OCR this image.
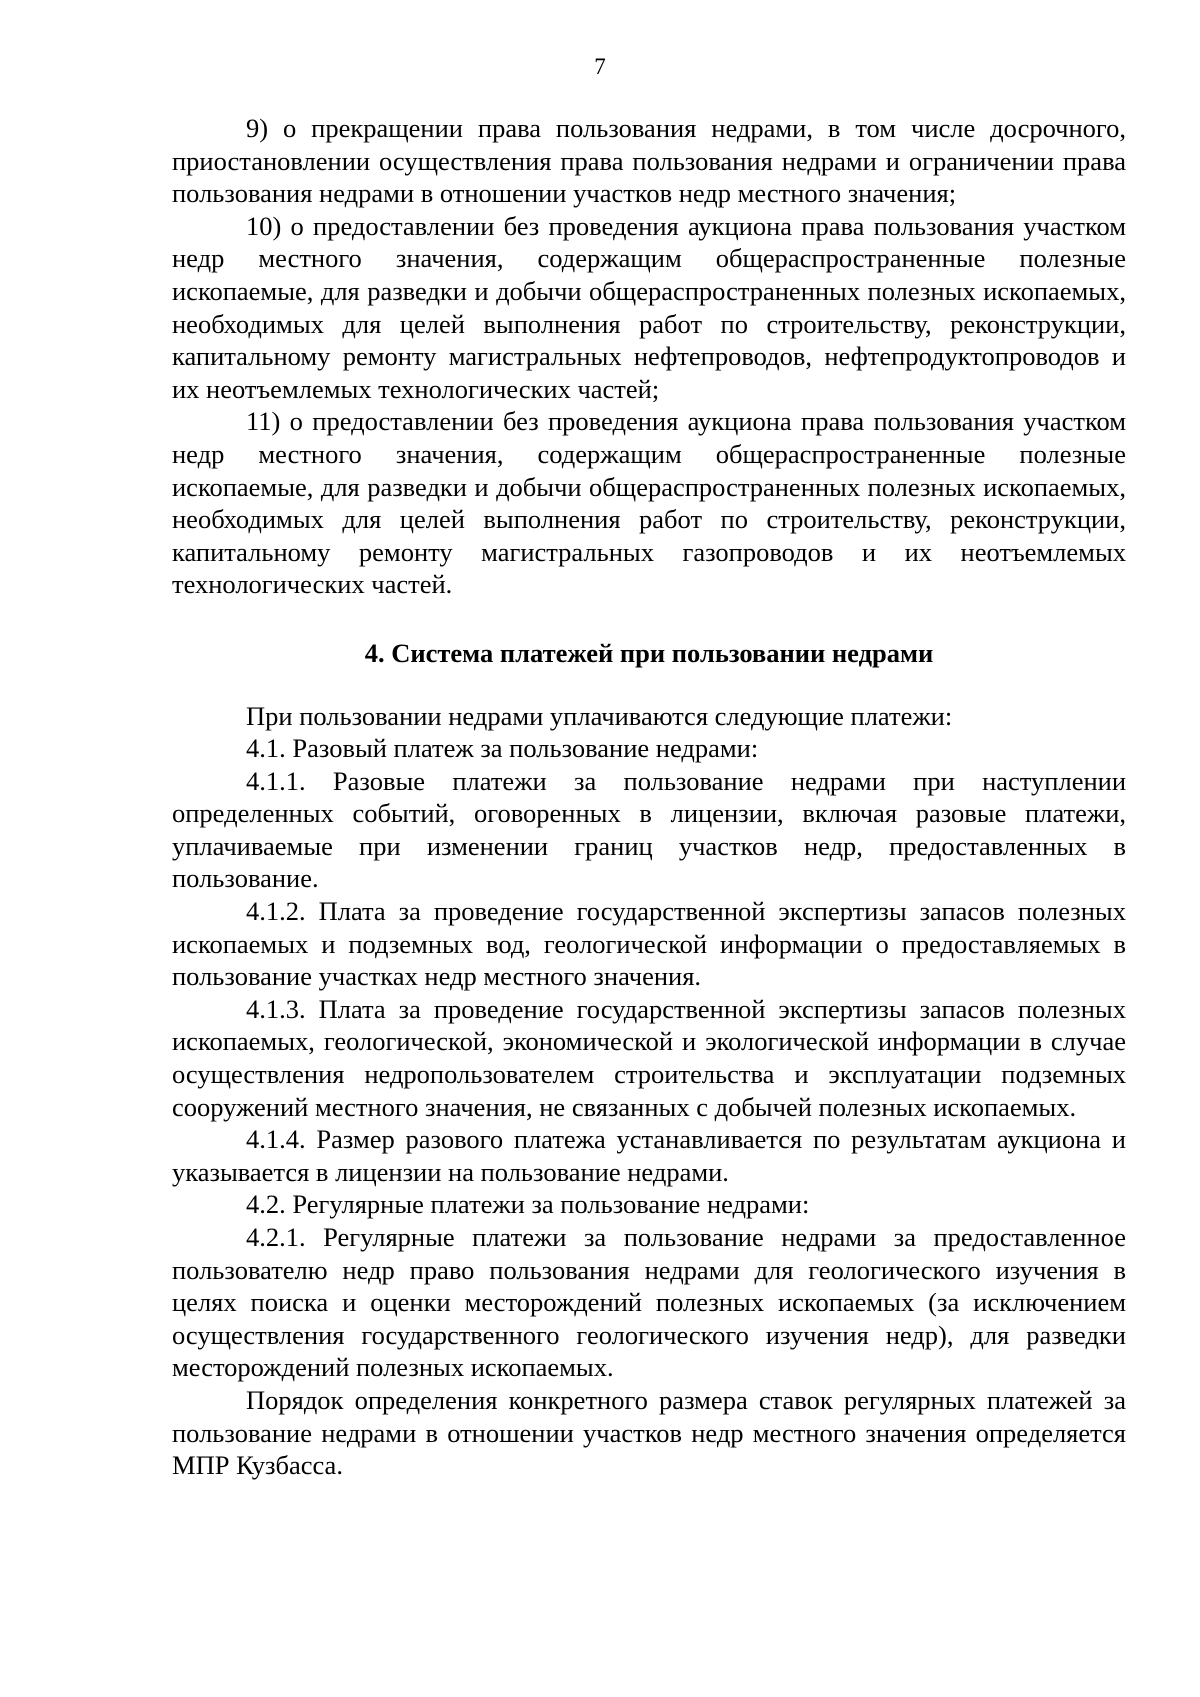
7

9) о прекращении права пользования недрами, в том числе досрочного, приостановлении осуществления права пользования недрами и ограничении права пользования недрами в отношении участков недр местного значения;

10) о предоставлении без проведения аукциона права пользования участком недр местного значения, содержащим общераспространенные полезные ископаемые, для разведки и добычи общераспространенных полезных ископаемых, необходимых для целей выполнения работ по строительству, реконструкции, капитальному ремонту магистральных нефтепроводов, нефтепродуктопроводов и их неотъемлемых технологических частей;

11) о предоставлении без проведения аукциона права пользования участком недр местного значения, содержащим общераспространенные полезные ископаемые, для разведки и добычи общераспространенных полезных ископаемых, необходимых для целей выполнения работ по строительству, реконструкции, капитальному ремонту магистральных газопроводов и их неотъемлемых технологических частей.

4. Система платежей при пользовании недрами

При пользовании недрами уплачиваются следующие платежи:

4.1. Разовый платеж за пользование недрами:

4.1.1. Разовые платежи за пользование недрами при наступлении определенных событий, оговоренных в лицензии, включая разовые платежи, уплачиваемые при изменении границ участков недр, предоставленных в пользование.

4.1.2. Плата за проведение государственной экспертизы запасов полезных ископаемых и подземных вод, геологической информации о предоставляемых в пользование участках недр местного значения.

4.1.3. Плата за проведение государственной экспертизы запасов полезных ископаемых, геологической, экономической и экологической информации в случае осуществления недропользователем строительства и эксплуатации подземных сооружений местного значения, не связанных с добычей полезных ископаемых.

4.1.4. Размер разового платежа устанавливается по результатам аукциона и указывается в лицензии на пользование недрами.

4.2. Регулярные платежи за пользование недрами:

4.2.1. Регулярные платежи за пользование недрами за предоставленное пользователю недр право пользования недрами для геологического изучения в целях поиска и оценки месторождений полезных ископаемых (за исключением осуществления государственного геологического изучения недр), для разведки месторождений полезных ископаемых.

Порядок определения конкретного размера ставок регулярных платежей за пользование недрами в отношении участков недр местного значения определяется МПР Кузбасса.
